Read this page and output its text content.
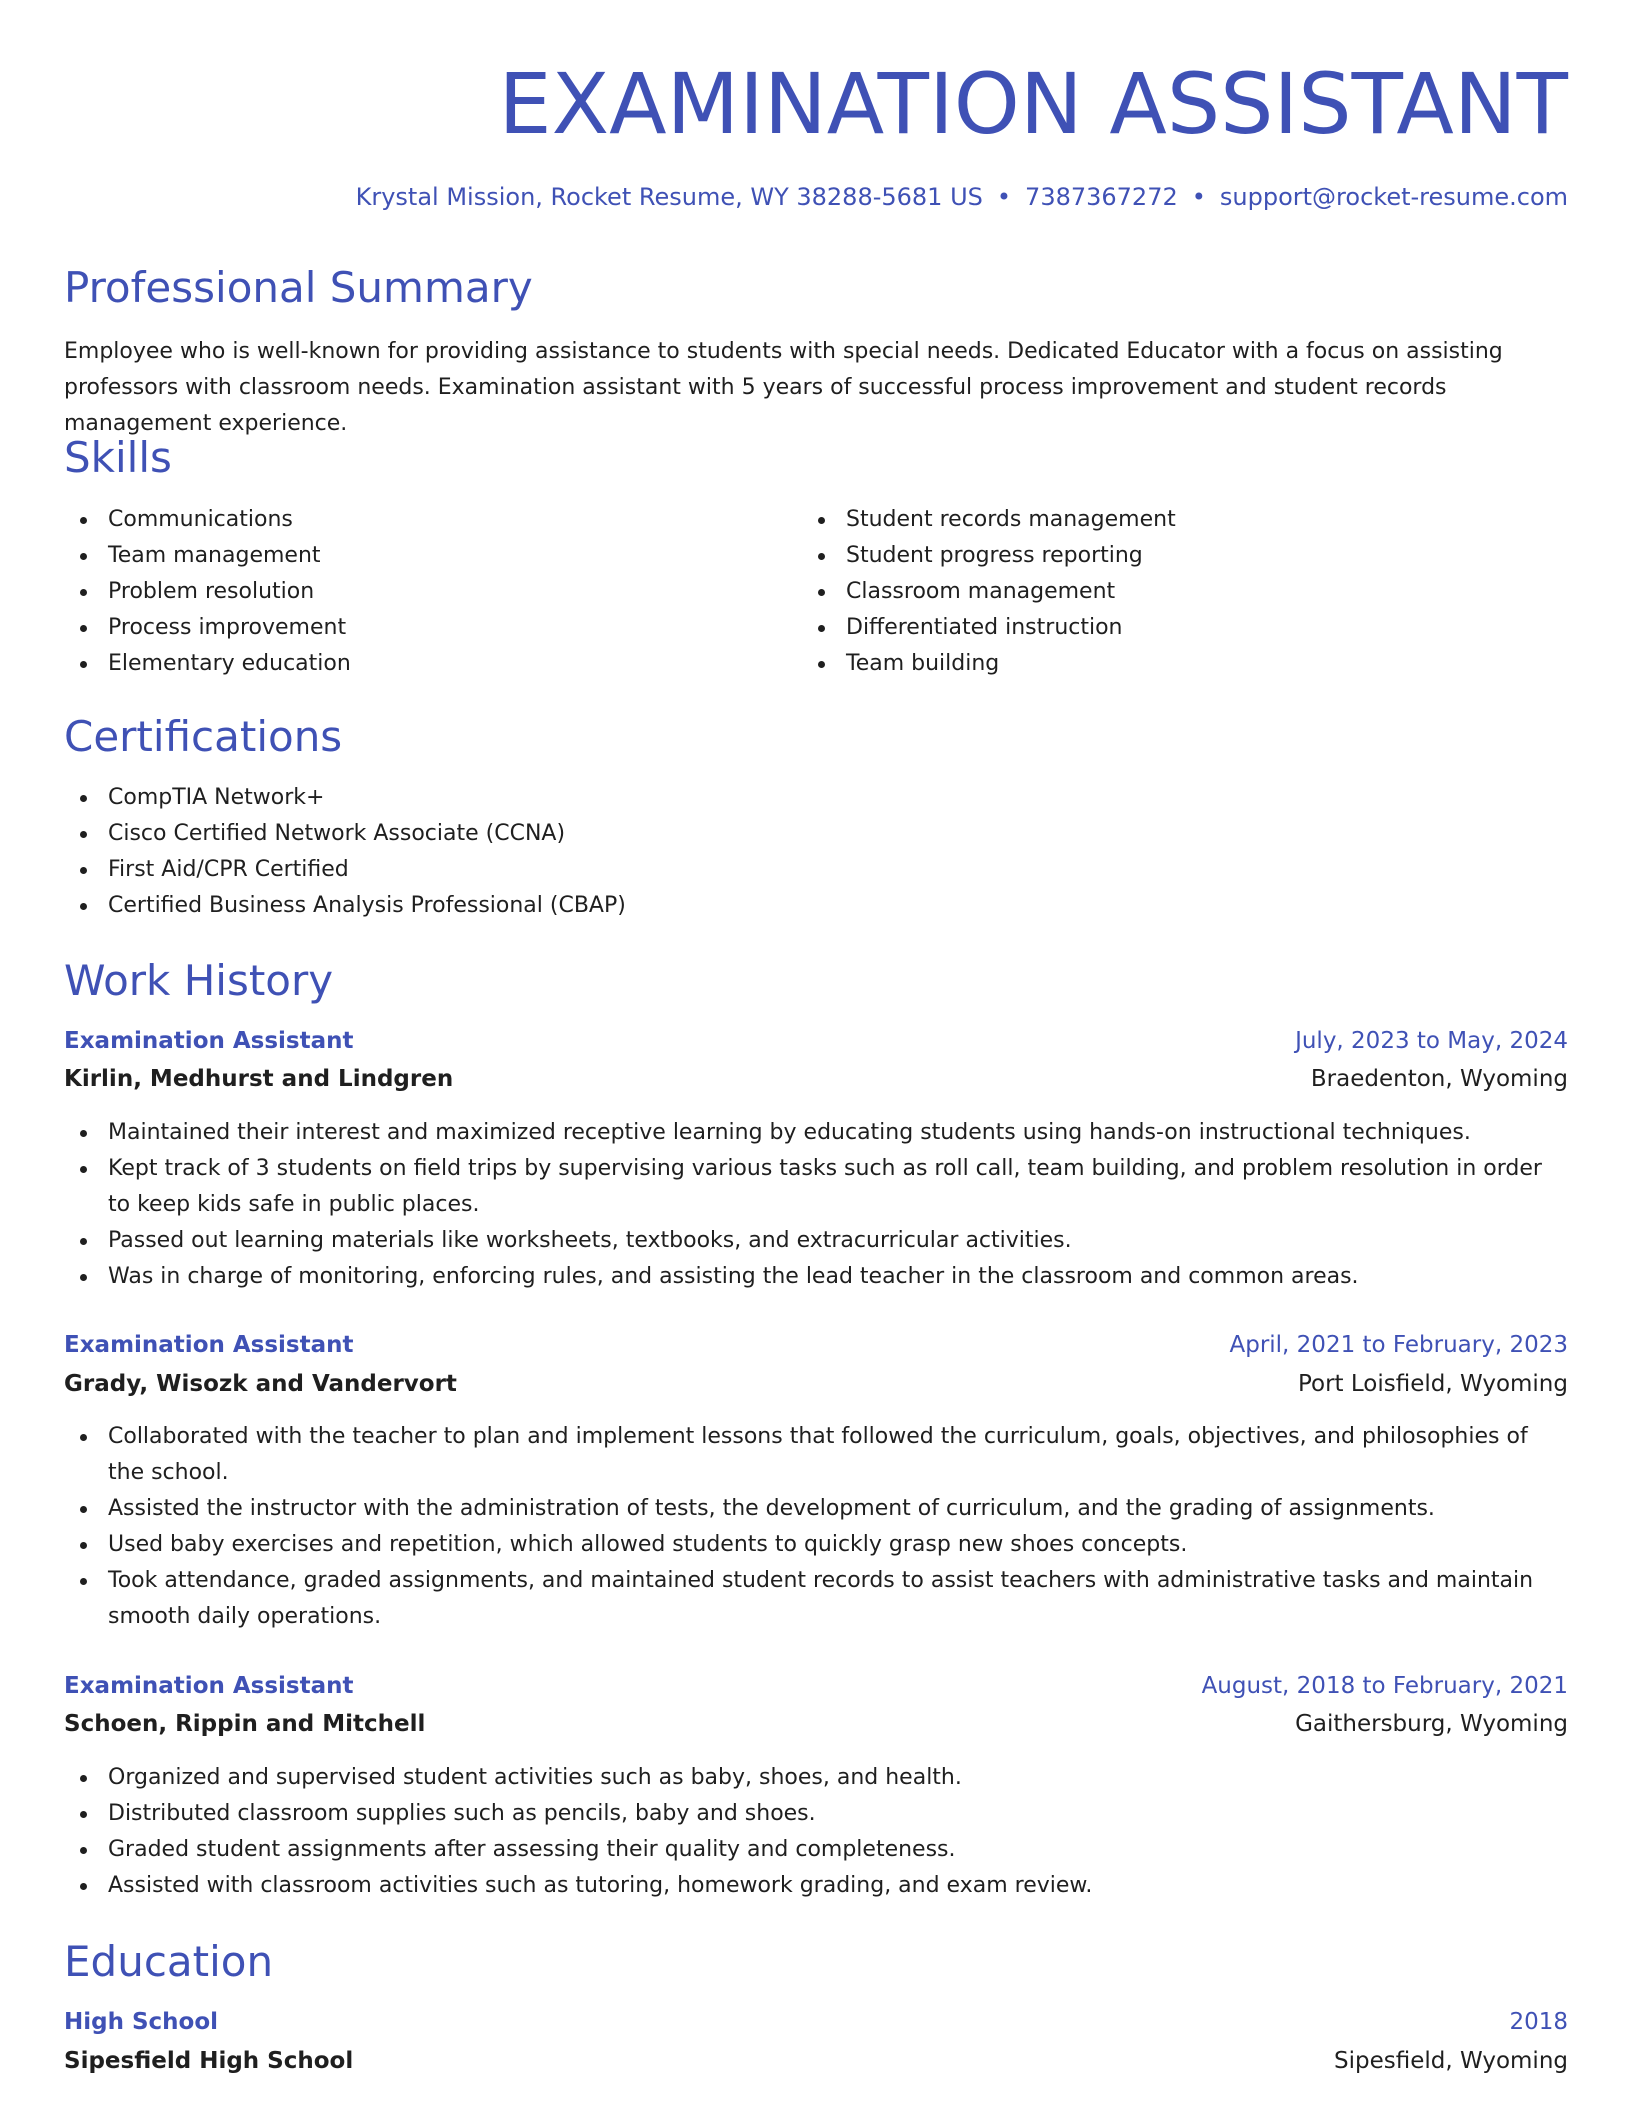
EXAMINATION ASSISTANT
Krystal Mission, Rocket Resume, WY 38288-5681 US • 7387367272 • support@rocket-resume.com
Professional Summary

Employee who is well-known for providing assistance to students with special needs. Dedicated Educator with a focus on assisting professors with classroom needs. Examination assistant with 5 years of successful process improvement and student records management experience.

Skills
Communications
Team management
Problem resolution
Process improvement
Elementary education
Student records management
Student progress reporting
Classroom management
Differentiated instruction
Team building
Certifications
CompTIA Network+
Cisco Certified Network Associate (CCNA)
First Aid/CPR Certified
Certified Business Analysis Professional (CBAP)
Work History
Examination Assistant	July, 2023 to May, 2024
Kirlin, Medhurst and Lindgren	Braedenton, Wyoming
Maintained their interest and maximized receptive learning by educating students using hands-on instructional techniques.
Kept track of 3 students on field trips by supervising various tasks such as roll call, team building, and problem resolution in order to keep kids safe in public places.
Passed out learning materials like worksheets, textbooks, and extracurricular activities.
Was in charge of monitoring, enforcing rules, and assisting the lead teacher in the classroom and common areas.
Examination Assistant	April, 2021 to February, 2023
Grady, Wisozk and Vandervort	Port Loisfield, Wyoming
Collaborated with the teacher to plan and implement lessons that followed the curriculum, goals, objectives, and philosophies of the school.
Assisted the instructor with the administration of tests, the development of curriculum, and the grading of assignments.
Used baby exercises and repetition, which allowed students to quickly grasp new shoes concepts.
Took attendance, graded assignments, and maintained student records to assist teachers with administrative tasks and maintain smooth daily operations.
Examination Assistant	August, 2018 to February, 2021
Schoen, Rippin and Mitchell	Gaithersburg, Wyoming
Organized and supervised student activities such as baby, shoes, and health.
Distributed classroom supplies such as pencils, baby and shoes.
Graded student assignments after assessing their quality and completeness.
Assisted with classroom activities such as tutoring, homework grading, and exam review.
Education
High School	2018
Sipesfield High School	Sipesfield, Wyoming
